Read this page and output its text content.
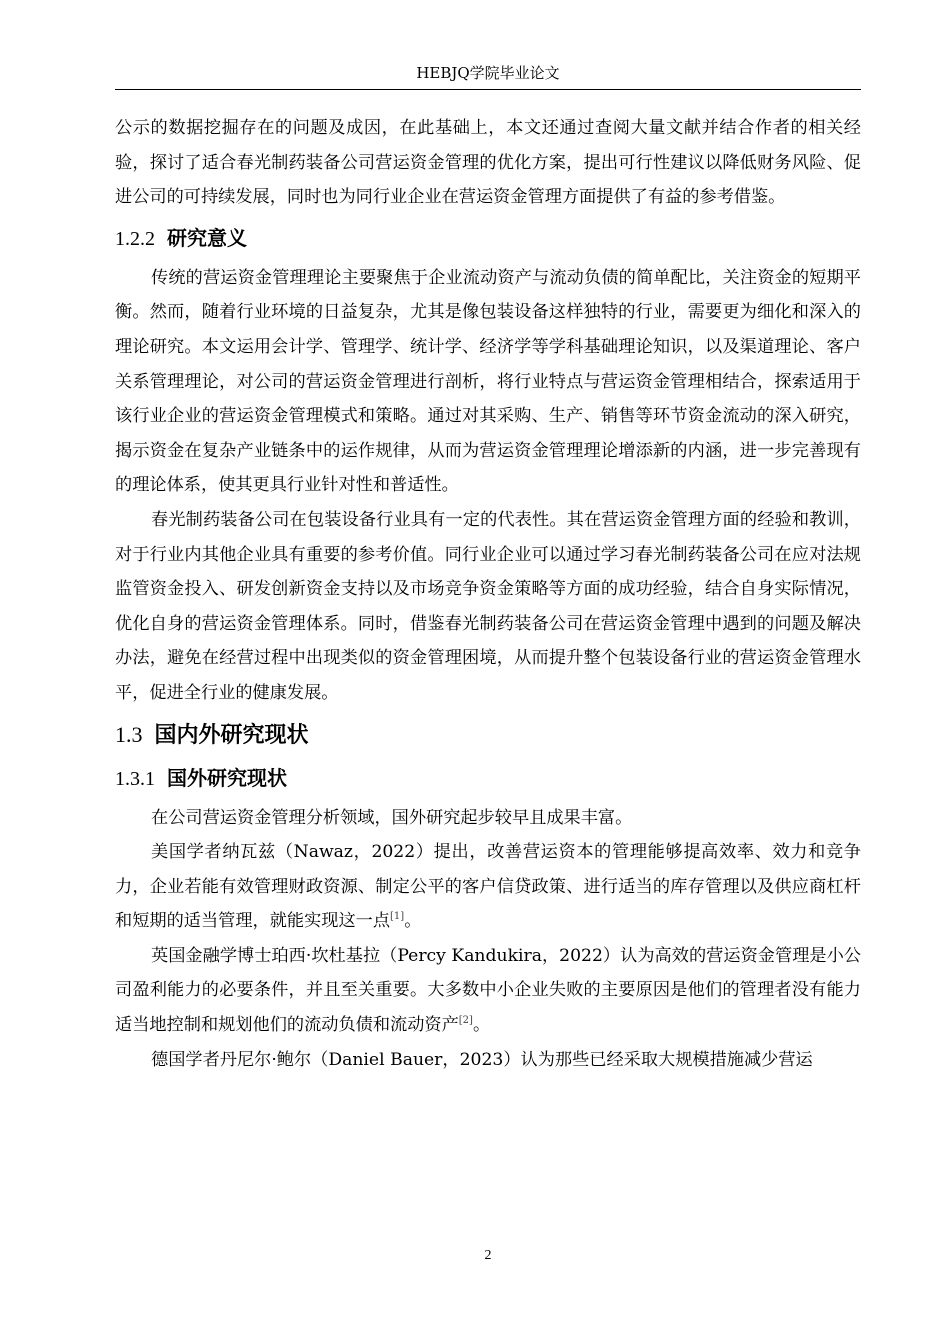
HEBJQ学院毕业论文

公示的数据挖掘存在的问题及成因，在此基础上，本文还通过查阅大量文献并结合作者的相关经验，探讨了适合春光制药装备公司营运资金管理的优化方案，提出可行性建议以降低财务风险、促进公司的可持续发展，同时也为同行业企业在营运资金管理方面提供了有益的参考借鉴。

1.2.2 研究意义

传统的营运资金管理理论主要聚焦于企业流动资产与流动负债的简单配比，关注资金的短期平衡。然而，随着行业环境的日益复杂，尤其是像包装设备这样独特的行业，需要更为细化和深入的理论研究。本文运用会计学、管理学、统计学、经济学等学科基础理论知识，以及渠道理论、客户关系管理理论，对公司的营运资金管理进行剖析，将行业特点与营运资金管理相结合，探索适用于该行业企业的营运资金管理模式和策略。通过对其采购、生产、销售等环节资金流动的深入研究，揭示资金在复杂产业链条中的运作规律，从而为营运资金管理理论增添新的内涵，进一步完善现有的理论体系，使其更具行业针对性和普适性。

春光制药装备公司在包装设备行业具有一定的代表性。其在营运资金管理方面的经验和教训，对于行业内其他企业具有重要的参考价值。同行业企业可以通过学习春光制药装备公司在应对法规监管资金投入、研发创新资金支持以及市场竞争资金策略等方面的成功经验，结合自身实际情况，优化自身的营运资金管理体系。同时，借鉴春光制药装备公司在营运资金管理中遇到的问题及解决办法，避免在经营过程中出现类似的资金管理困境，从而提升整个包装设备行业的营运资金管理水平，促进全行业的健康发展。

1.3 国内外研究现状
1.3.1 国外研究现状

在公司营运资金管理分析领域，国外研究起步较早且成果丰富。

美国学者纳瓦兹（Nawaz，2022）提出，改善营运资本的管理能够提高效率、效力和竞争力，企业若能有效管理财政资源、制定公平的客户信贷政策、进行适当的库存管理以及供应商杠杆和短期的适当管理，就能实现这一点[1]。

英国金融学博士珀西·坎杜基拉（Percy Kandukira，2022）认为高效的营运资金管理是小公司盈利能力的必要条件，并且至关重要。大多数中小企业失败的主要原因是他们的管理者没有能力适当地控制和规划他们的流动负债和流动资产[2]。

德国学者丹尼尔·鲍尔（Daniel Bauer，2023）认为那些已经采取大规模措施减少营运

2
